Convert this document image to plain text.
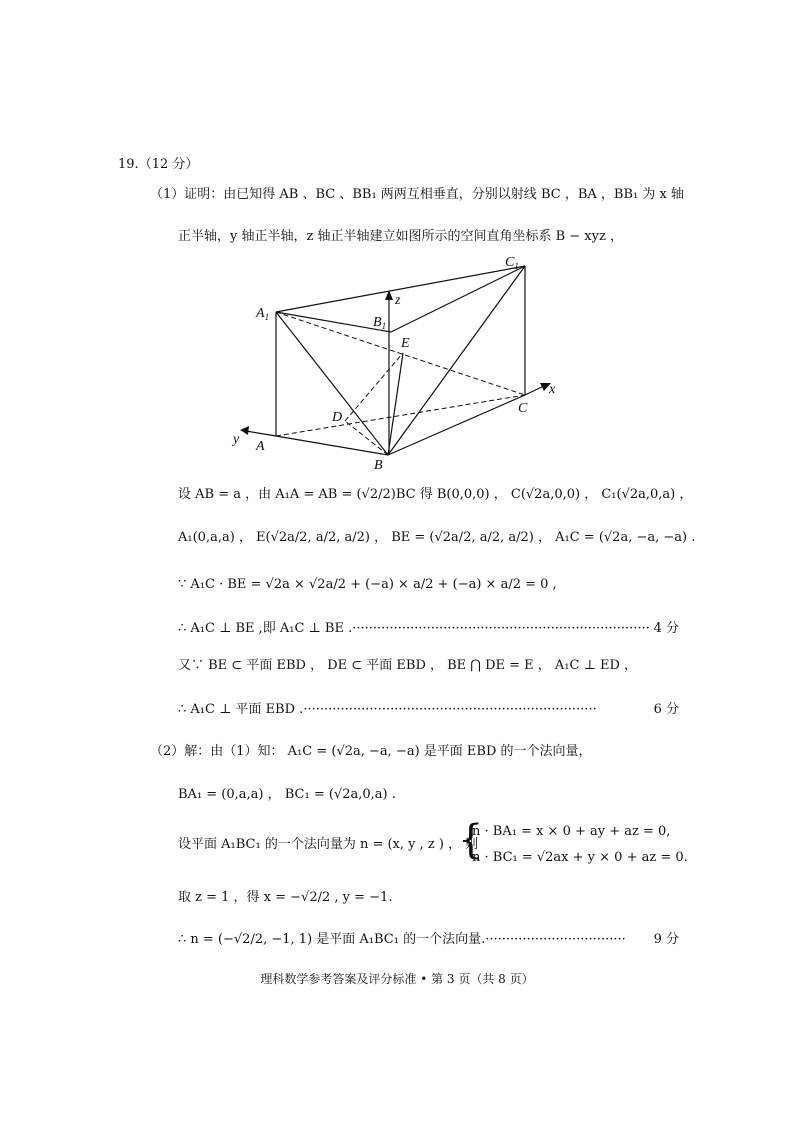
19.（12 分）
（1）证明：由已知得 AB 、BC 、BB₁ 两两互相垂直，分别以射线 BC ，BA ，BB₁ 为 x 轴
正半轴，y 轴正半轴，z 轴正半轴建立如图所示的空间直角坐标系 B − xyz ，
$A_1$	$B_1$
$C_1$
z
E
x
C
D
y A
B
设 AB = a ，由 A₁A = AB = (√2/2)BC 得 B(0,0,0) ， C(√2a,0,0) ， C₁(√2a,0,a) ，
A₁(0,a,a) ， E(√2a/2, a/2, a/2) ， BE = (√2a/2, a/2, a/2) ， A₁C = (√2a, −a, −a) .
∵ A₁C · BE = √2a × √2a/2 + (−a) × a/2 + (−a) × a/2 = 0 ,
∴ A₁C ⊥ BE ,即 A₁C ⊥ BE .········································································ 4 分
又∵ BE ⊂ 平面 EBD ， DE ⊂ 平面 EBD ， BE ⋂ DE = E ， A₁C ⊥ ED ，
∴ A₁C ⊥ 平面 EBD .·······································································	6 分
（2）解：由（1）知： A₁C = (√2a, −a, −a) 是平面 EBD 的一个法向量，
BA₁ = (0,a,a) ， BC₁ = (√2a,0,a) .
设平面 A₁BC₁ 的一个法向量为 n = (x, y , z ) ， 则
{
n · BA₁ = x × 0 + ay + az = 0,
n · BC₁ = √2ax + y × 0 + az = 0.
取 z = 1 ，得 x = −√2/2 , y = −1.
∴ n = (−√2/2, −1, 1) 是平面 A₁BC₁ 的一个法向量.·································· 9 分
理科数学参考答案及评分标准 • 第 3 页（共 8 页）
